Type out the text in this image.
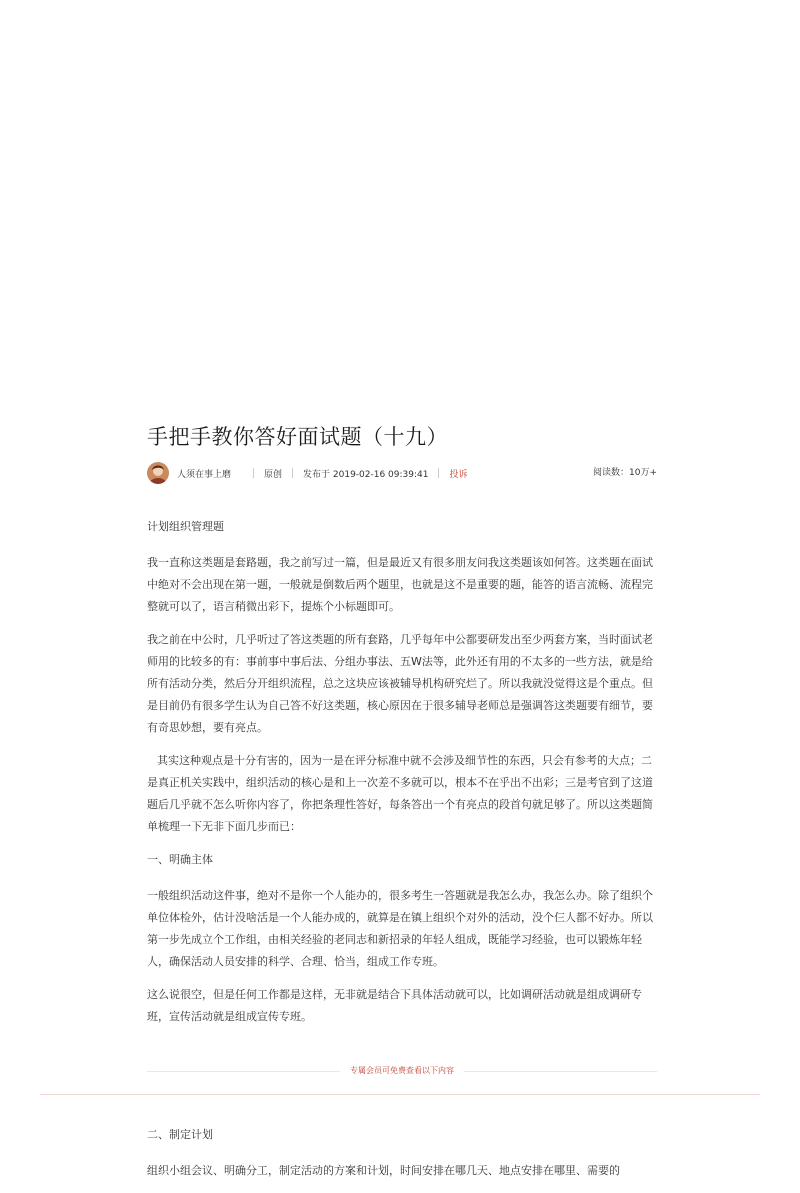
手把手教你答好面试题（十九）
人须在事上磨	原创 发布于 2019-02-16 09:39:41 投诉	阅读数：10万+

计划组织管理题

我一直称这类题是套路题，我之前写过一篇，但是最近又有很多朋友问我这类题该如何答。这类题在面试中绝对不会出现在第一题，一般就是倒数后两个题里，也就是这不是重要的题，能答的语言流畅、流程完整就可以了，语言稍微出彩下，提炼个小标题即可。

我之前在中公时，几乎听过了答这类题的所有套路，几乎每年中公都要研发出至少两套方案，当时面试老师用的比较多的有：事前事中事后法、分组办事法、五W法等，此外还有用的不太多的一些方法，就是给所有活动分类，然后分开组织流程，总之这块应该被辅导机构研究烂了。所以我就没觉得这是个重点。但是目前仍有很多学生认为自己答不好这类题，核心原因在于很多辅导老师总是强调答这类题要有细节，要有奇思妙想，要有亮点。

其实这种观点是十分有害的，因为一是在评分标准中就不会涉及细节性的东西，只会有参考的大点；二是真正机关实践中，组织活动的核心是和上一次差不多就可以，根本不在乎出不出彩；三是考官到了这道题后几乎就不怎么听你内容了，你把条理性答好，每条答出一个有亮点的段首句就足够了。所以这类题简单梳理一下无非下面几步而已：

一、明确主体

一般组织活动这件事，绝对不是你一个人能办的，很多考生一答题就是我怎么办，我怎么办。除了组织个单位体检外，估计没啥活是一个人能办成的，就算是在镇上组织个对外的活动，没个仨人都不好办。所以第一步先成立个工作组，由相关经验的老同志和新招录的年轻人组成，既能学习经验，也可以锻炼年轻人，确保活动人员安排的科学、合理、恰当，组成工作专班。

这么说很空，但是任何工作都是这样，无非就是结合下具体活动就可以，比如调研活动就是组成调研专班，宣传活动就是组成宣传专班。

专属会员可免费查看以下内容

二、制定计划

组织小组会议、明确分工，制定活动的方案和计划，时间安排在哪几天、地点安排在哪里、需要的
